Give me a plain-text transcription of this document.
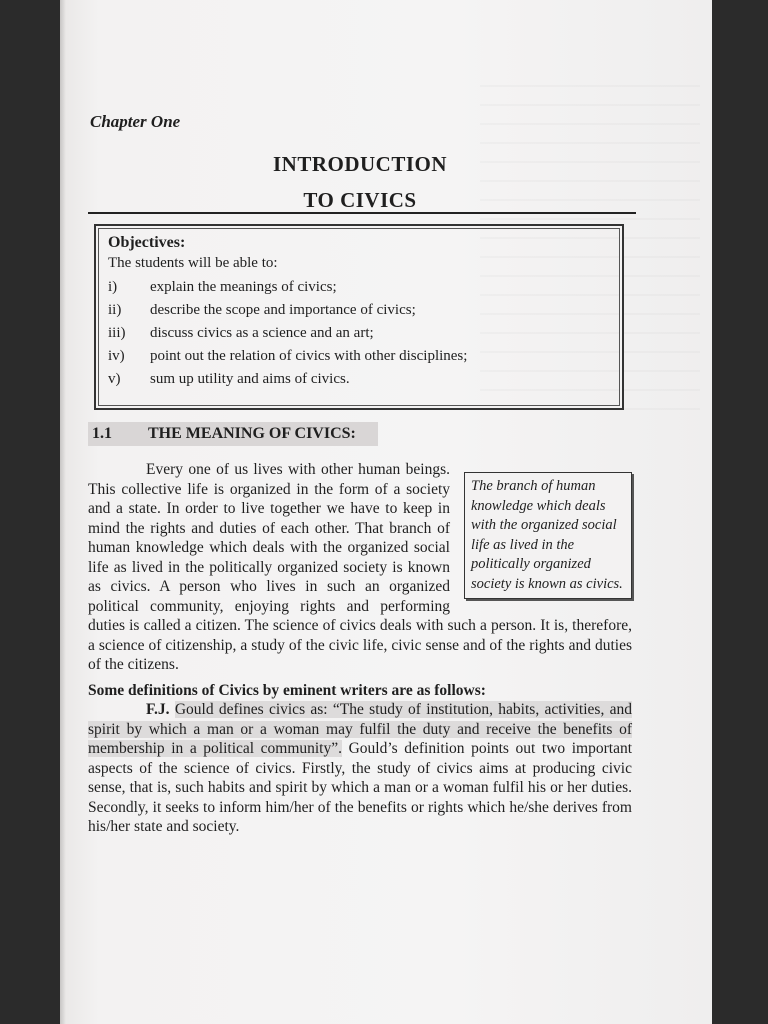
Chapter One
INTRODUCTION
TO CIVICS

Objectives:

The students will be able to:

i)	explain the meanings of civics;
ii)	describe the scope and importance of civics;
iii)	discuss civics as a science and an art;
iv)	point out the relation of civics with other disciplines;
v)	sum up utility and aims of civics.
1.1 THE MEANING OF CIVICS:
The branch of human knowledge which deals with the organized social life as lived in the politically organized society is known as civics.

Every one of us lives with other human beings. This collective life is organized in the form of a society and a state. In order to live together we have to keep in mind the rights and duties of each other. That branch of human knowledge which deals with the organized social life as lived in the politically organized society is known as civics. A person who lives in such an organized political community, enjoying rights and performing duties is called a citizen. The science of civics deals with such a person. It is, therefore, a science of citizenship, a study of the civic life, civic sense and of the rights and duties of the citizens.

Some definitions of Civics by eminent writers are as follows:

F.J. Gould defines civics as: “The study of institution, habits, activities, and spirit by which a man or a woman may fulfil the duty and receive the benefits of membership in a political community”. Gould’s definition points out two important aspects of the science of civics. Firstly, the study of civics aims at producing civic sense, that is, such habits and spirit by which a man or a woman fulfil his or her duties. Secondly, it seeks to inform him/her of the benefits or rights which he/she derives from his/her state and society.
